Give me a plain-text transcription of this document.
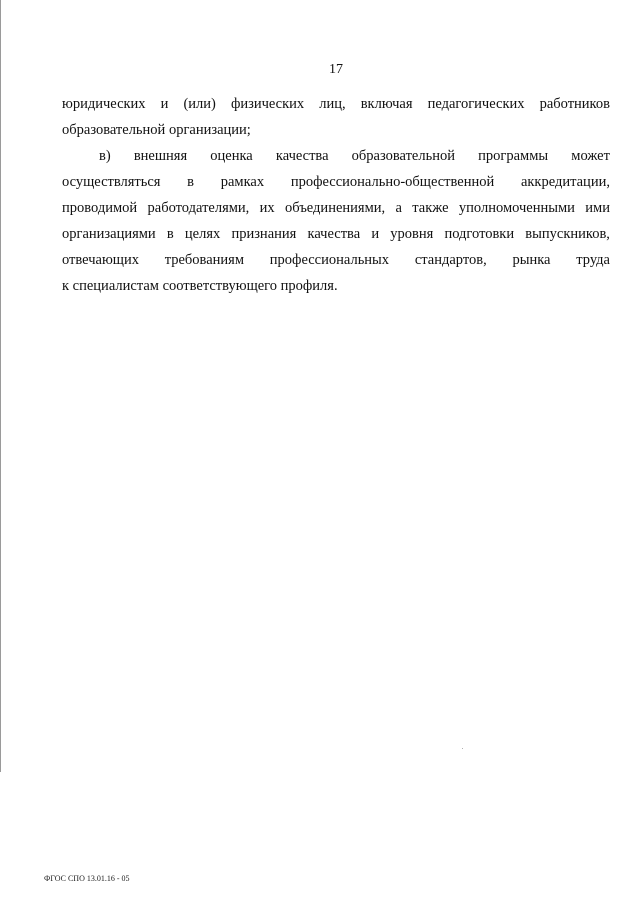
17
юридических и (или) физических лиц, включая педагогических работников
образовательной организации;
в) внешняя оценка качества образовательной программы может
осуществляться в рамках профессионально-общественной аккредитации,
проводимой работодателями, их объединениями, а также уполномоченными ими
организациями в целях признания качества и уровня подготовки выпускников,
отвечающих требованиям профессиональных стандартов, рынка труда
к специалистам соответствующего профиля.
ФГОС СПО 13.01.16 - 05
